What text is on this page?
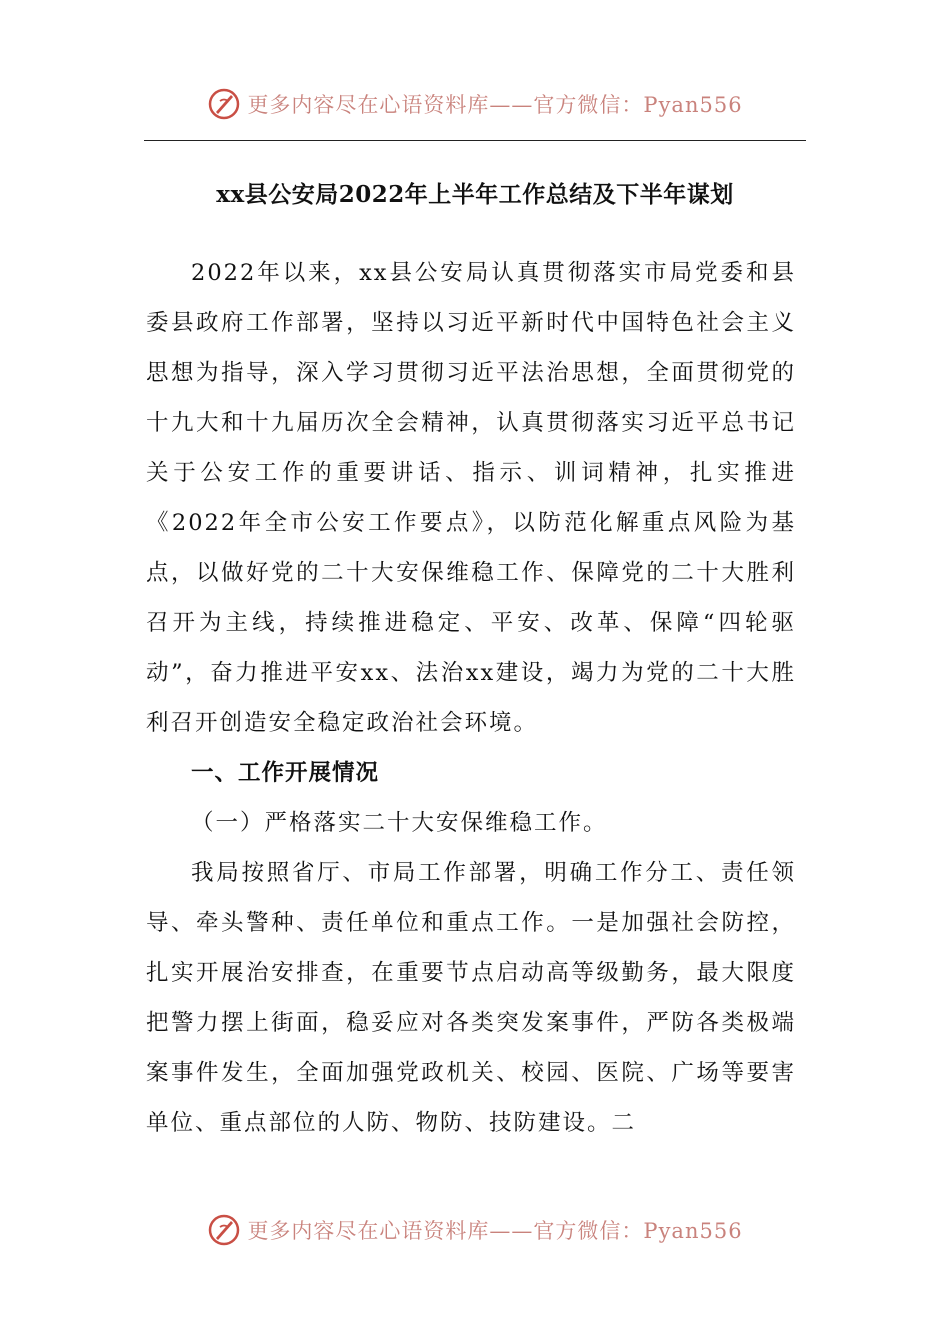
更多内容尽在心语资料库——官方微信：Pyan556
xx县公安局2022年上半年工作总结及下半年谋划

2022年以来，xx县公安局认真贯彻落实市局党委和县委县政府工作部署，坚持以习近平新时代中国特色社会主义思想为指导，深入学习贯彻习近平法治思想，全面贯彻党的十九大和十九届历次全会精神，认真贯彻落实习近平总书记关于公安工作的重要讲话、指示、训词精神，扎实推进《2022年全市公安工作要点》，以防范化解重点风险为基点，以做好党的二十大安保维稳工作、保障党的二十大胜利召开为主线，持续推进稳定、平安、改革、保障“四轮驱动”，奋力推进平安xx、法治xx建设，竭力为党的二十大胜利召开创造安全稳定政治社会环境。

一、工作开展情况

（一）严格落实二十大安保维稳工作。

我局按照省厅、市局工作部署，明确工作分工、责任领导、牵头警种、责任单位和重点工作。一是加强社会防控，扎实开展治安排查，在重要节点启动高等级勤务，最大限度把警力摆上街面，稳妥应对各类突发案事件，严防各类极端案事件发生，全面加强党政机关、校园、医院、广场等要害单位、重点部位的人防、物防、技防建设。二

更多内容尽在心语资料库——官方微信：Pyan556
